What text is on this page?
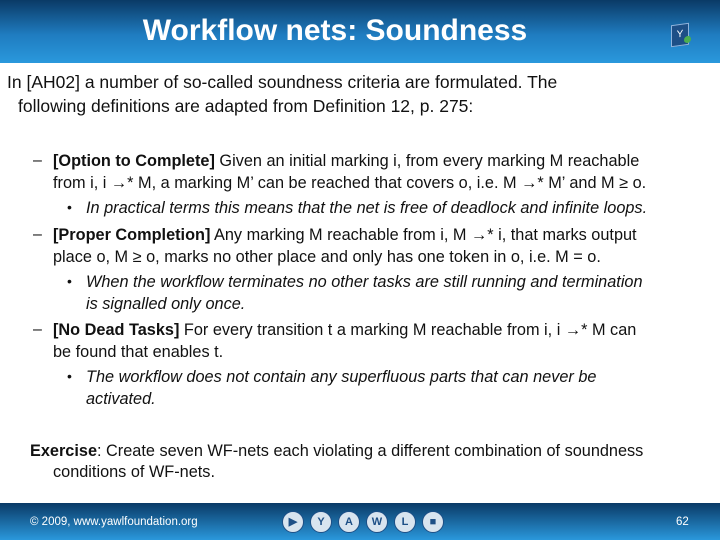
Workflow nets: Soundness	Y
In [AH02] a number of so-called soundness criteria are formulated. The
following definitions are adapted from Definition 12, p. 275:
– [Option to Complete] Given an initial marking i, from every marking M reachable
from i, i →* M, a marking M’ can be reached that covers o, i.e. M →* M’ and M ≥ o.
• In practical terms this means that the net is free of deadlock and infinite loops.
– [Proper Completion] Any marking M reachable from i, M →* i, that marks output
place o, M ≥ o, marks no other place and only has one token in o, i.e. M = o.
• When the workflow terminates no other tasks are still running and termination
is signalled only once.
– [No Dead Tasks] For every transition t a marking M reachable from i, i →* M can
be found that enables t.
• The workflow does not contain any superfluous parts that can never be
activated.
Exercise: Create seven WF-nets each violating a different combination of soundness
conditions of WF-nets.
© 2009, www.yawlfoundation.org	▶	Y	A	W	L	■	62
